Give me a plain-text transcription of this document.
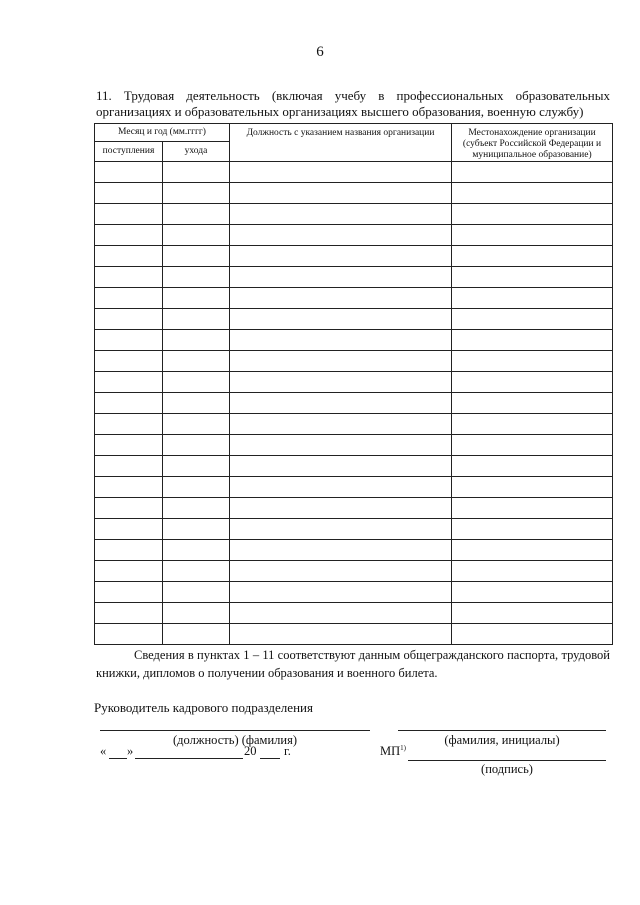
6
11. Трудовая деятельность (включая учебу в профессиональных образовательных
организациях и образовательных организациях высшего образования, военную службу)
Месяц и год (мм.гггг)		Должность с указанием названия организации	Местонахождение организации (субъект Российской Федерации и муниципальное образование)
поступления	ухода		

Сведения в пунктах 1 – 11 соответствуют данным общегражданского паспорта, трудовой книжки, дипломов о получении образования и военного билета.
Руководитель кадрового подразделения
(должность) (фамилия)	(фамилия, инициалы)
« »	20 г.	МП$^{1)}$
(подпись)
